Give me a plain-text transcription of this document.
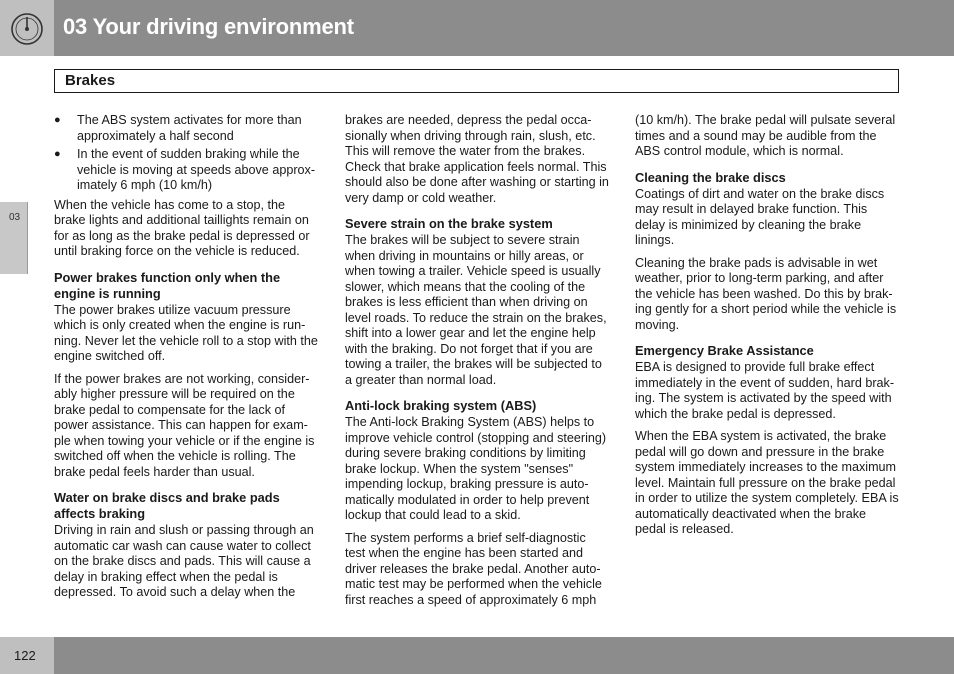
03 Your driving environment
Brakes
03
● The ABS system activates for more than approximately a half second
● In the event of sudden braking while the vehicle is moving at speeds above approx-imately 6 mph (10 km/h)

When the vehicle has come to a stop, the brake lights and additional taillights remain on for as long as the brake pedal is depressed or until braking force on the vehicle is reduced.

Power brakes function only when the engine is running

The power brakes utilize vacuum pressure which is only created when the engine is run-ning. Never let the vehicle roll to a stop with the engine switched off.

If the power brakes are not working, consider-ably higher pressure will be required on the brake pedal to compensate for the lack of power assistance. This can happen for exam-ple when towing your vehicle or if the engine is switched off when the vehicle is rolling. The brake pedal feels harder than usual.

Water on brake discs and brake pads affects braking

Driving in rain and slush or passing through an automatic car wash can cause water to collect on the brake discs and pads. This will cause a delay in braking effect when the pedal is depressed. To avoid such a delay when the

brakes are needed, depress the pedal occa-sionally when driving through rain, slush, etc. This will remove the water from the brakes. Check that brake application feels normal. This should also be done after washing or starting in very damp or cold weather.

Severe strain on the brake system

The brakes will be subject to severe strain when driving in mountains or hilly areas, or when towing a trailer. Vehicle speed is usually slower, which means that the cooling of the brakes is less efficient than when driving on level roads. To reduce the strain on the brakes, shift into a lower gear and let the engine help with the braking. Do not forget that if you are towing a trailer, the brakes will be subjected to a greater than normal load.

Anti-lock braking system (ABS)

The Anti-lock Braking System (ABS) helps to improve vehicle control (stopping and steering) during severe braking conditions by limiting brake lockup. When the system "senses" impending lockup, braking pressure is auto-matically modulated in order to help prevent lockup that could lead to a skid.

The system performs a brief self-diagnostic test when the engine has been started and driver releases the brake pedal. Another auto-matic test may be performed when the vehicle first reaches a speed of approximately 6 mph

(10 km/h). The brake pedal will pulsate several times and a sound may be audible from the ABS control module, which is normal.

Cleaning the brake discs

Coatings of dirt and water on the brake discs may result in delayed brake function. This delay is minimized by cleaning the brake linings.

Cleaning the brake pads is advisable in wet weather, prior to long-term parking, and after the vehicle has been washed. Do this by brak-ing gently for a short period while the vehicle is moving.

Emergency Brake Assistance

EBA is designed to provide full brake effect immediately in the event of sudden, hard brak-ing. The system is activated by the speed with which the brake pedal is depressed.

When the EBA system is activated, the brake pedal will go down and pressure in the brake system immediately increases to the maximum level. Maintain full pressure on the brake pedal in order to utilize the system completely. EBA is automatically deactivated when the brake pedal is released.

122
